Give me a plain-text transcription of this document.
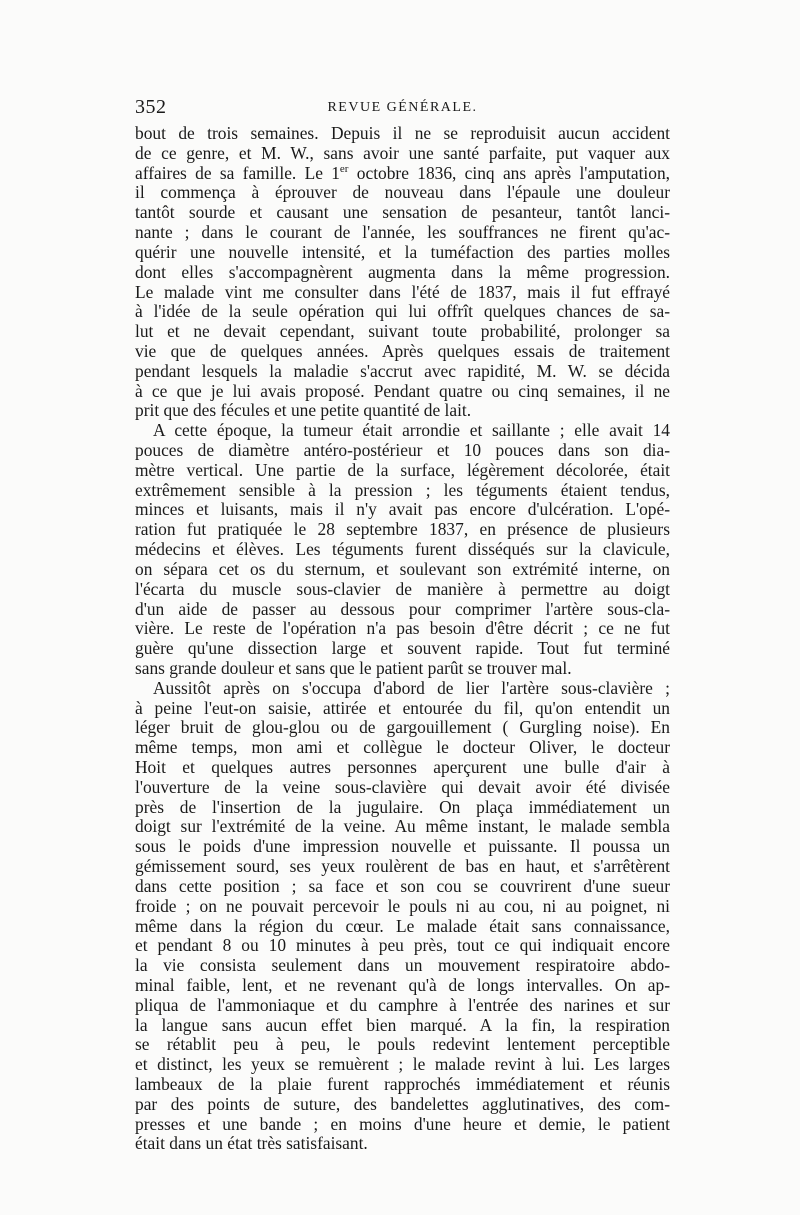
352	REVUE GÉNÉRALE.
bout de trois semaines. Depuis il ne se reproduisit aucun accident
de ce genre, et M. W., sans avoir une santé parfaite, put vaquer aux
affaires de sa famille. Le 1er octobre 1836, cinq ans après l'amputation,
il commença à éprouver de nouveau dans l'épaule une douleur
tantôt sourde et causant une sensation de pesanteur, tantôt lanci-
nante ; dans le courant de l'année, les souffrances ne firent qu'ac-
quérir une nouvelle intensité, et la tuméfaction des parties molles
dont elles s'accompagnèrent augmenta dans la même progression.
Le malade vint me consulter dans l'été de 1837, mais il fut effrayé
à l'idée de la seule opération qui lui offrît quelques chances de sa-
lut et ne devait cependant, suivant toute probabilité, prolonger sa
vie que de quelques années. Après quelques essais de traitement
pendant lesquels la maladie s'accrut avec rapidité, M. W. se décida
à ce que je lui avais proposé. Pendant quatre ou cinq semaines, il ne
prit que des fécules et une petite quantité de lait.
A cette époque, la tumeur était arrondie et saillante ; elle avait 14
pouces de diamètre antéro-postérieur et 10 pouces dans son dia-
mètre vertical. Une partie de la surface, légèrement décolorée, était
extrêmement sensible à la pression ; les téguments étaient tendus,
minces et luisants, mais il n'y avait pas encore d'ulcération. L'opé-
ration fut pratiquée le 28 septembre 1837, en présence de plusieurs
médecins et élèves. Les téguments furent disséqués sur la clavicule,
on sépara cet os du sternum, et soulevant son extrémité interne, on
l'écarta du muscle sous-clavier de manière à permettre au doigt
d'un aide de passer au dessous pour comprimer l'artère sous-cla-
vière. Le reste de l'opération n'a pas besoin d'être décrit ; ce ne fut
guère qu'une dissection large et souvent rapide. Tout fut terminé
sans grande douleur et sans que le patient parût se trouver mal.
Aussitôt après on s'occupa d'abord de lier l'artère sous-clavière ;
à peine l'eut-on saisie, attirée et entourée du fil, qu'on entendit un
léger bruit de glou-glou ou de gargouillement ( Gurgling noise). En
même temps, mon ami et collègue le docteur Oliver, le docteur
Hoit et quelques autres personnes aperçurent une bulle d'air à
l'ouverture de la veine sous-clavière qui devait avoir été divisée
près de l'insertion de la jugulaire. On plaça immédiatement un
doigt sur l'extrémité de la veine. Au même instant, le malade sembla
sous le poids d'une impression nouvelle et puissante. Il poussa un
gémissement sourd, ses yeux roulèrent de bas en haut, et s'arrêtèrent
dans cette position ; sa face et son cou se couvrirent d'une sueur
froide ; on ne pouvait percevoir le pouls ni au cou, ni au poignet, ni
même dans la région du cœur. Le malade était sans connaissance,
et pendant 8 ou 10 minutes à peu près, tout ce qui indiquait encore
la vie consista seulement dans un mouvement respiratoire abdo-
minal faible, lent, et ne revenant qu'à de longs intervalles. On ap-
pliqua de l'ammoniaque et du camphre à l'entrée des narines et sur
la langue sans aucun effet bien marqué. A la fin, la respiration
se rétablit peu à peu, le pouls redevint lentement perceptible
et distinct, les yeux se remuèrent ; le malade revint à lui. Les larges
lambeaux de la plaie furent rapprochés immédiatement et réunis
par des points de suture, des bandelettes agglutinatives, des com-
presses et une bande ; en moins d'une heure et demie, le patient
était dans un état très satisfaisant.
